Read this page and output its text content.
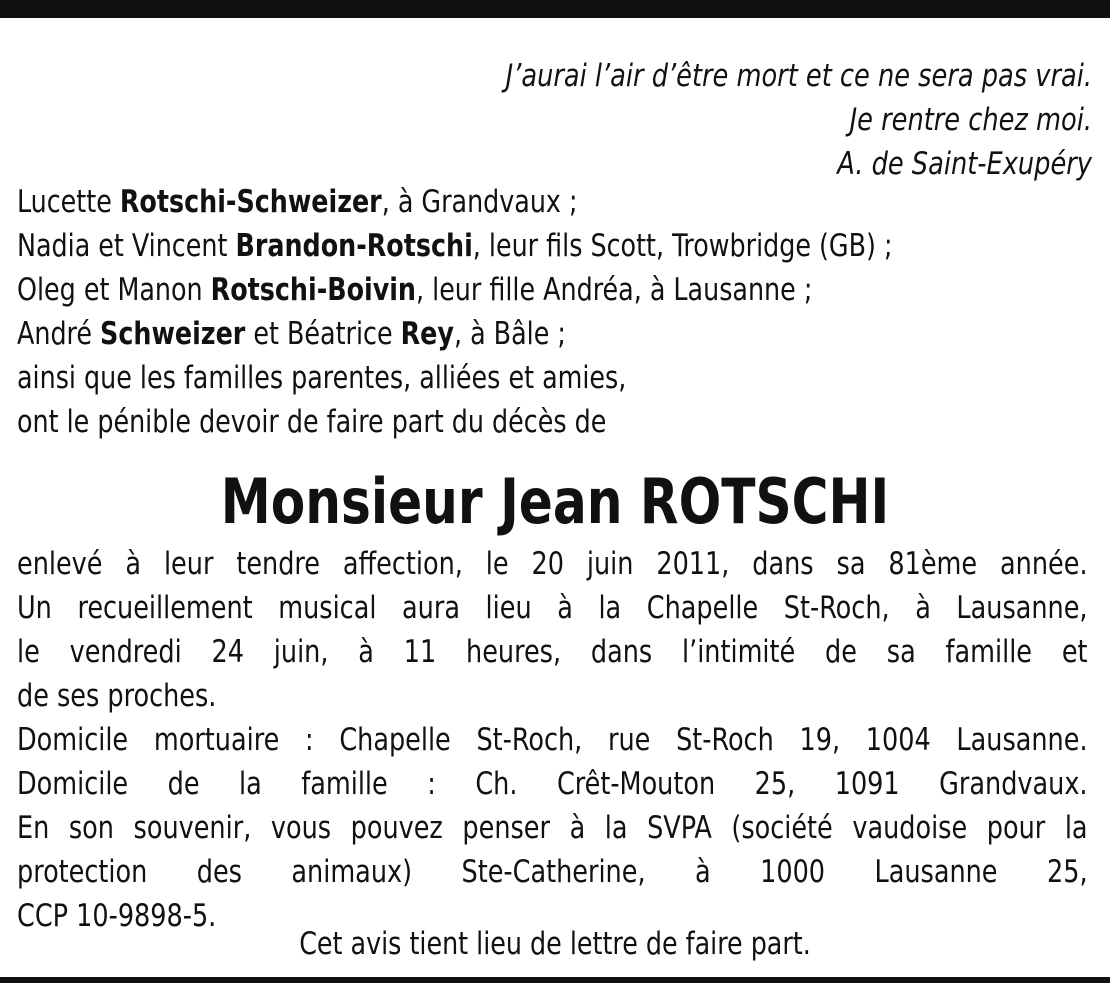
J’aurai l’air d’être mort et ce ne sera pas vrai.
Je rentre chez moi.
A. de Saint-Exupéry
Lucette Rotschi-Schweizer, à Grandvaux ;
Nadia et Vincent Brandon-Rotschi, leur fils Scott, Trowbridge (GB) ;
Oleg et Manon Rotschi-Boivin, leur fille Andréa, à Lausanne ;
André Schweizer et Béatrice Rey, à Bâle ;
ainsi que les familles parentes, alliées et amies,
ont le pénible devoir de faire part du décès de
Monsieur Jean ROTSCHI
enlevé à leur tendre affection, le 20 juin 2011, dans sa 81ème année.
Un recueillement musical aura lieu à la Chapelle St-Roch, à Lausanne,
le vendredi 24 juin, à 11 heures, dans l’intimité de sa famille et
de ses proches.
Domicile mortuaire : Chapelle St-Roch, rue St-Roch 19, 1004 Lausanne.
Domicile de la famille : Ch. Crêt-Mouton 25, 1091 Grandvaux.
En son souvenir, vous pouvez penser à la SVPA (société vaudoise pour la
protection des animaux) Ste-Catherine, à 1000 Lausanne 25,
CCP 10-9898-5.
Cet avis tient lieu de lettre de faire part.
